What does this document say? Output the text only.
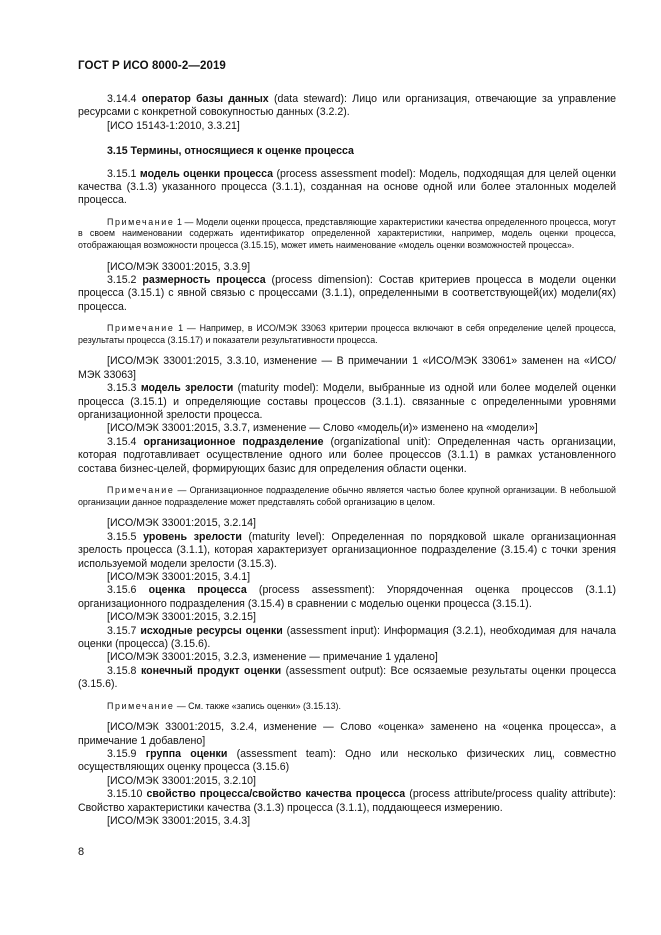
ГОСТ Р ИСО 8000-2—2019

3.14.4 оператор базы данных (data steward): Лицо или организация, отвечающие за управление ресурсами с конкретной совокупностью данных (3.2.2).

[ИСО 15143-1:2010, 3.3.21]

3.15 Термины, относящиеся к оценке процесса

3.15.1 модель оценки процесса (process assessment model): Модель, подходящая для целей оценки качества (3.1.3) указанного процесса (3.1.1), созданная на основе одной или более эталонных моделей процесса.

Примечание 1 — Модели оценки процесса, представляющие характеристики качества определенного процесса, могут в своем наименовании содержать идентификатор определенной характеристики, например, модель оценки процесса, отображающая возможности процесса (3.15.15), может иметь наименование «модель оценки возможностей процесса».

[ИСО/МЭК 33001:2015, 3.3.9]

3.15.2 размерность процесса (process dimension): Состав критериев процесса в модели оценки процесса (3.15.1) с явной связью с процессами (3.1.1), определенными в соответствующей(их) модели(ях) процесса.

Примечание 1 — Например, в ИСО/МЭК 33063 критерии процесса включают в себя определение целей процесса, результаты процесса (3.15.17) и показатели результативности процесса.

[ИСО/МЭК 33001:2015, 3.3.10, изменение — В примечании 1 «ИСО/МЭК 33061» заменен на «ИСО/МЭК 33063]

3.15.3 модель зрелости (maturity model): Модели, выбранные из одной или более моделей оценки процесса (3.15.1) и определяющие составы процессов (3.1.1). связанные с определенными уровнями организационной зрелости процесса.

[ИСО/МЭК 33001:2015, 3.3.7, изменение — Слово «модель(и)» изменено на «модели»]

3.15.4 организационное подразделение (organizational unit): Определенная часть организации, которая подготавливает осуществление одного или более процессов (3.1.1) в рамках установленного состава бизнес-целей, формирующих базис для определения области оценки.

Примечание — Организационное подразделение обычно является частью более крупной организации. В небольшой организации данное подразделение может представлять собой организацию в целом.

[ИСО/МЭК 33001:2015, 3.2.14]

3.15.5 уровень зрелости (maturity level): Определенная по порядковой шкале организационная зрелость процесса (3.1.1), которая характеризует организационное подразделение (3.15.4) с точки зрения используемой модели зрелости (3.15.3).

[ИСО/МЭК 33001:2015, 3.4.1]

3.15.6 оценка процесса (process assessment): Упорядоченная оценка процессов (3.1.1) организационного подразделения (3.15.4) в сравнении с моделью оценки процесса (3.15.1).

[ИСО/МЭК 33001:2015, 3.2.15]

3.15.7 исходные ресурсы оценки (assessment input): Информация (3.2.1), необходимая для начала оценки (процесса) (3.15.6).

[ИСО/МЭК 33001:2015, 3.2.3, изменение — примечание 1 удалено]

3.15.8 конечный продукт оценки (assessment output): Все осязаемые результаты оценки процесса (3.15.6).

Примечание — См. также «запись оценки» (3.15.13).

[ИСО/МЭК 33001:2015, 3.2.4, изменение — Слово «оценка» заменено на «оценка процесса», а примечание 1 добавлено]

3.15.9 группа оценки (assessment team): Одно или несколько физических лиц, совместно осуществляющих оценку процесса (3.15.6)

[ИСО/МЭК 33001:2015, 3.2.10]

3.15.10 свойство процесса/свойство качества процесса (process attribute/process quality attribute): Свойство характеристики качества (3.1.3) процесса (3.1.1), поддающееся измерению.

[ИСО/МЭК 33001:2015, 3.4.3]

8
